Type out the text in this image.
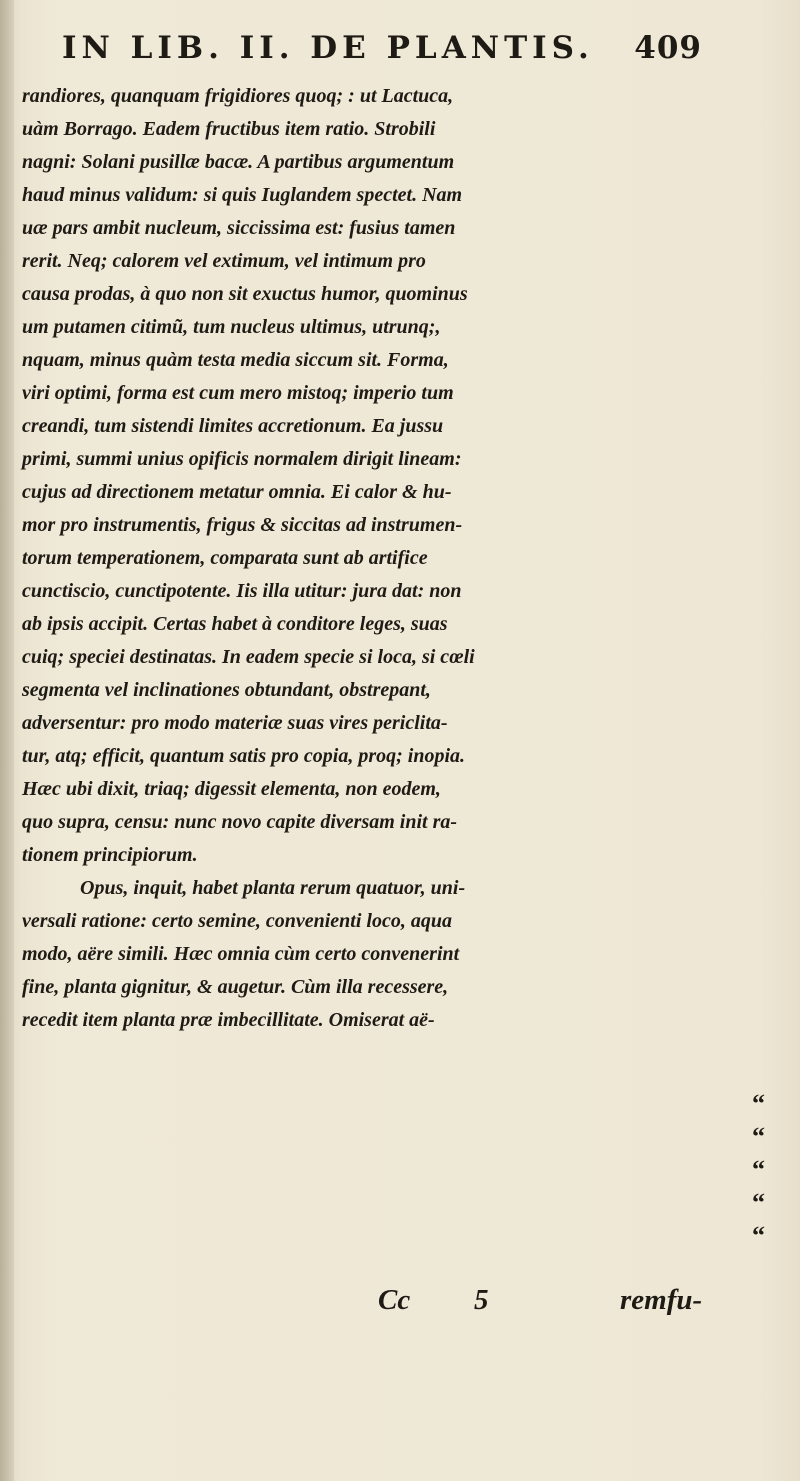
IN LIB. II. DE PLANTIS. 409
randiores, quanquam frigidiores quoq; : ut Lactuca,
uàm Borrago. Eadem fructibus item ratio. Strobili
nagni: Solani pusillæ bacæ. A partibus argumentum
haud minus validum: si quis Iuglandem spectet. Nam
uæ pars ambit nucleum, siccissima est: fusius tamen
rerit. Neq; calorem vel extimum, vel intimum pro
causa prodas, à quo non sit exuctus humor, quominus
um putamen citimũ, tum nucleus ultimus, utrunq;,
nquam, minus quàm testa media siccum sit. Forma,
viri optimi, forma est cum mero mistoq; imperio tum
creandi, tum sistendi limites accretionum. Ea jussu
primi, summi unius opificis normalem dirigit lineam:
cujus ad directionem metatur omnia. Ei calor & hu-
mor pro instrumentis, frigus & siccitas ad instrumen-
torum temperationem, comparata sunt ab artifice
cunctiscio, cunctipotente. Iis illa utitur: jura dat: non
ab ipsis accipit. Certas habet à conditore leges, suas
cuiq; speciei destinatas. In eadem specie si loca, si cœli
segmenta vel inclinationes obtundant, obstrepant,
adversentur: pro modo materiæ suas vires periclita-
tur, atq; efficit, quantum satis pro copia, proq; inopia.
Hæc ubi dixit, triaq; digessit elementa, non eodem,
quo supra, censu: nunc novo capite diversam init ra-
tionem principiorum.
Opus, inquit, habet planta rerum quatuor, uni-
versali ratione: certo semine, convenienti loco, aqua
modo, aëre simili. Hæc omnia cùm certo convenerint
fine, planta gignitur, & augetur. Cùm illa recessere,
recedit item planta præ imbecillitate. Omiserat aë-
“
“
“
“
“
Cc 5	remfu-
